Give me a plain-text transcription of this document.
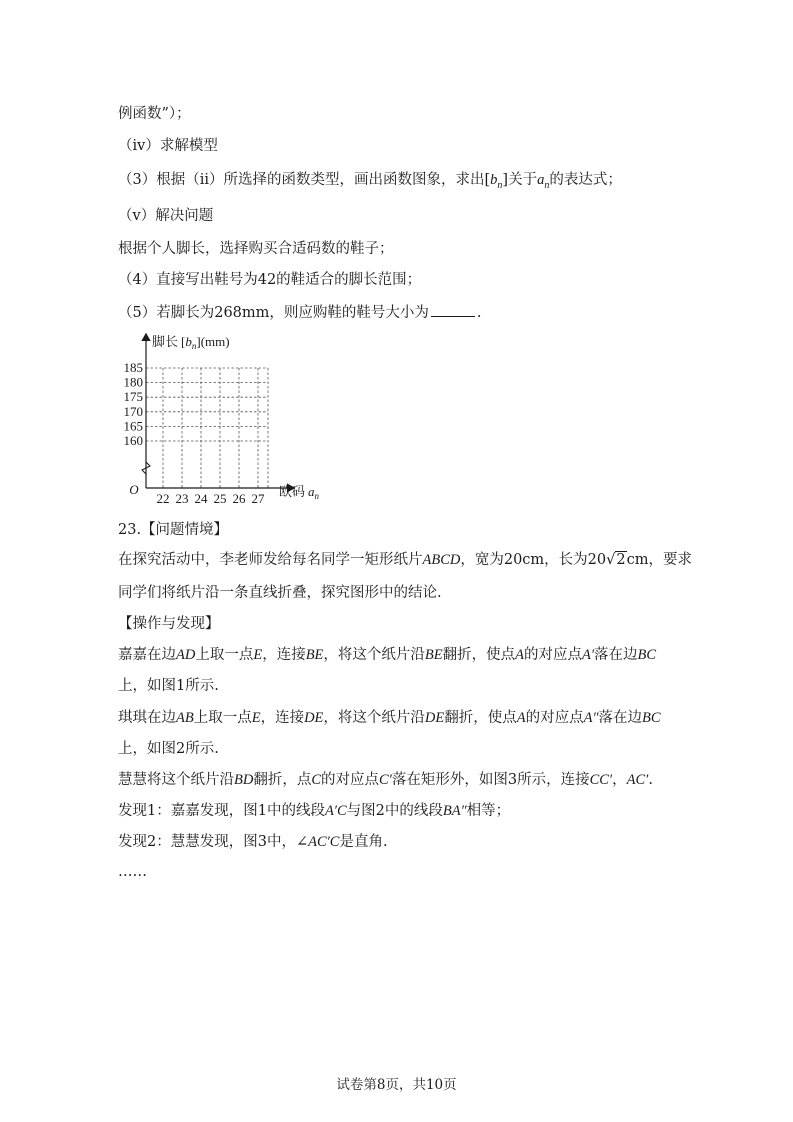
例函数”）；
（iv）求解模型
（3）根据（ii）所选择的函数类型，画出函数图象，求出$[b_n]$关于$a_n$的表达式；
（v）解决问题
根据个人脚长，选择购买合适码数的鞋子；
（4）直接写出鞋号为42的鞋适合的脚长范围；
（5）若脚长为268mm，则应购鞋的鞋号大小为	.
脚长 $[b_n](mm)$
O	欧码 $a_n$
22 23 24 25 26 27
160
165
170
175
180
185
23.【问题情境】
在探究活动中，李老师发给每名同学一矩形纸片ABCD，宽为20cm，长为20√2cm，要求
同学们将纸片沿一条直线折叠，探究图形中的结论.
【操作与发现】
嘉嘉在边AD上取一点E，连接BE，将这个纸片沿BE翻折，使点A的对应点A′落在边BC
上，如图1所示.
琪琪在边AB上取一点E，连接DE，将这个纸片沿DE翻折，使点A的对应点A″落在边BC
上，如图2所示.
慧慧将这个纸片沿BD翻折，点C的对应点C′落在矩形外，如图3所示，连接CC′，AC′.
发现1：嘉嘉发现，图1中的线段A′C与图2中的线段BA″相等；
发现2：慧慧发现，图3中，∠AC′C是直角.
……
试卷第8页，共10页
